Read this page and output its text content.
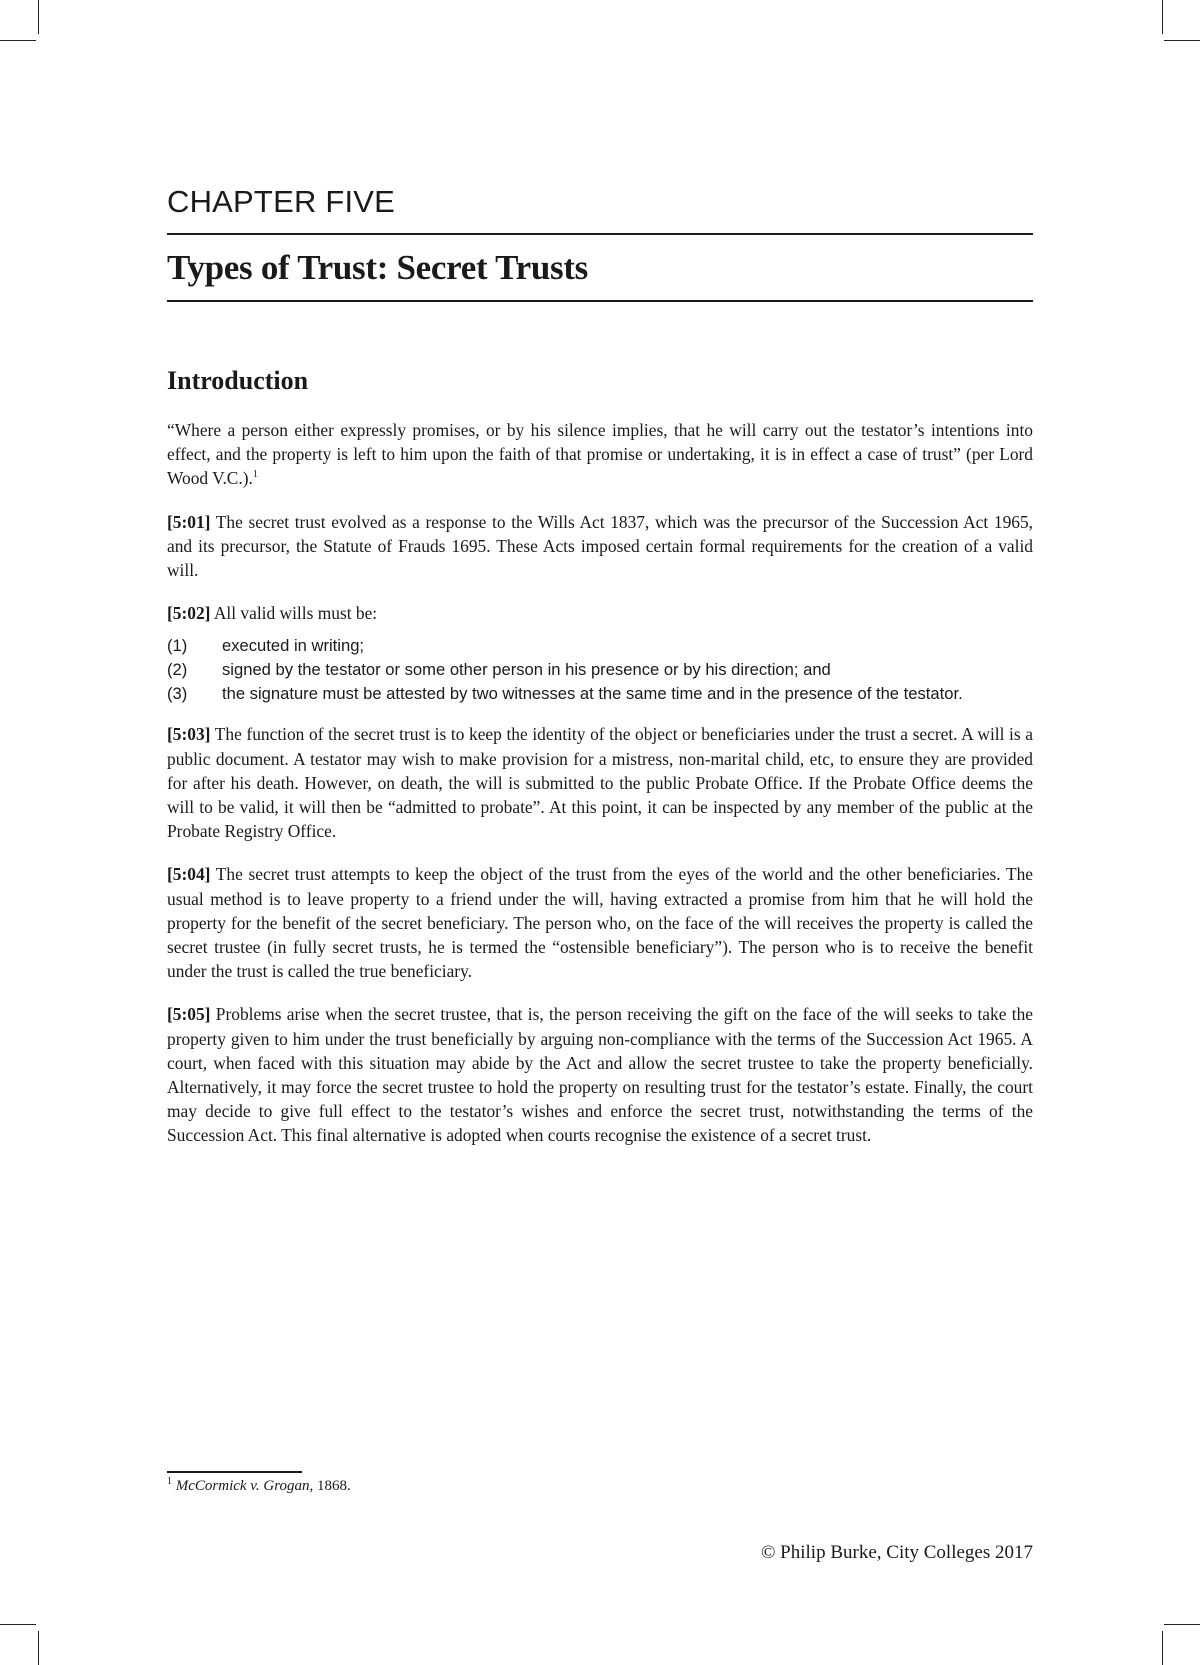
CHAPTER FIVE
Types of Trust: Secret Trusts
Introduction

“Where a person either expressly promises, or by his silence implies, that he will carry out the testator’s intentions into effect, and the property is left to him upon the faith of that promise or undertaking, it is in effect a case of trust” (per Lord Wood V.C.).$^1$

[5:01] The secret trust evolved as a response to the Wills Act 1837, which was the precursor of the Succession Act 1965, and its precursor, the Statute of Frauds 1695. These Acts imposed certain formal requirements for the creation of a valid will.

[5:02] All valid wills must be:

(1) executed in writing;
(2) signed by the testator or some other person in his presence or by his direction; and
(3) the signature must be attested by two witnesses at the same time and in the presence of the testator.

[5:03] The function of the secret trust is to keep the identity of the object or beneficiaries under the trust a secret. A will is a public document. A testator may wish to make provision for a mistress, non-marital child, etc, to ensure they are provided for after his death. However, on death, the will is submitted to the public Probate Office. If the Probate Office deems the will to be valid, it will then be “admitted to probate”. At this point, it can be inspected by any member of the public at the Probate Registry Office.

[5:04] The secret trust attempts to keep the object of the trust from the eyes of the world and the other beneficiaries. The usual method is to leave property to a friend under the will, having extracted a promise from him that he will hold the property for the benefit of the secret beneficiary. The person who, on the face of the will receives the property is called the secret trustee (in fully secret trusts, he is termed the “ostensible beneficiary”). The person who is to receive the benefit under the trust is called the true beneficiary.

[5:05] Problems arise when the secret trustee, that is, the person receiving the gift on the face of the will seeks to take the property given to him under the trust beneficially by arguing non-compliance with the terms of the Succession Act 1965. A court, when faced with this situation may abide by the Act and allow the secret trustee to take the property beneficially. Alternatively, it may force the secret trustee to hold the property on resulting trust for the testator’s estate. Finally, the court may decide to give full effect to the testator’s wishes and enforce the secret trust, notwithstanding the terms of the Succession Act. This final alternative is adopted when courts recognise the existence of a secret trust.

$^1$ McCormick v. Grogan, 1868.
© Philip Burke, City Colleges 2017
